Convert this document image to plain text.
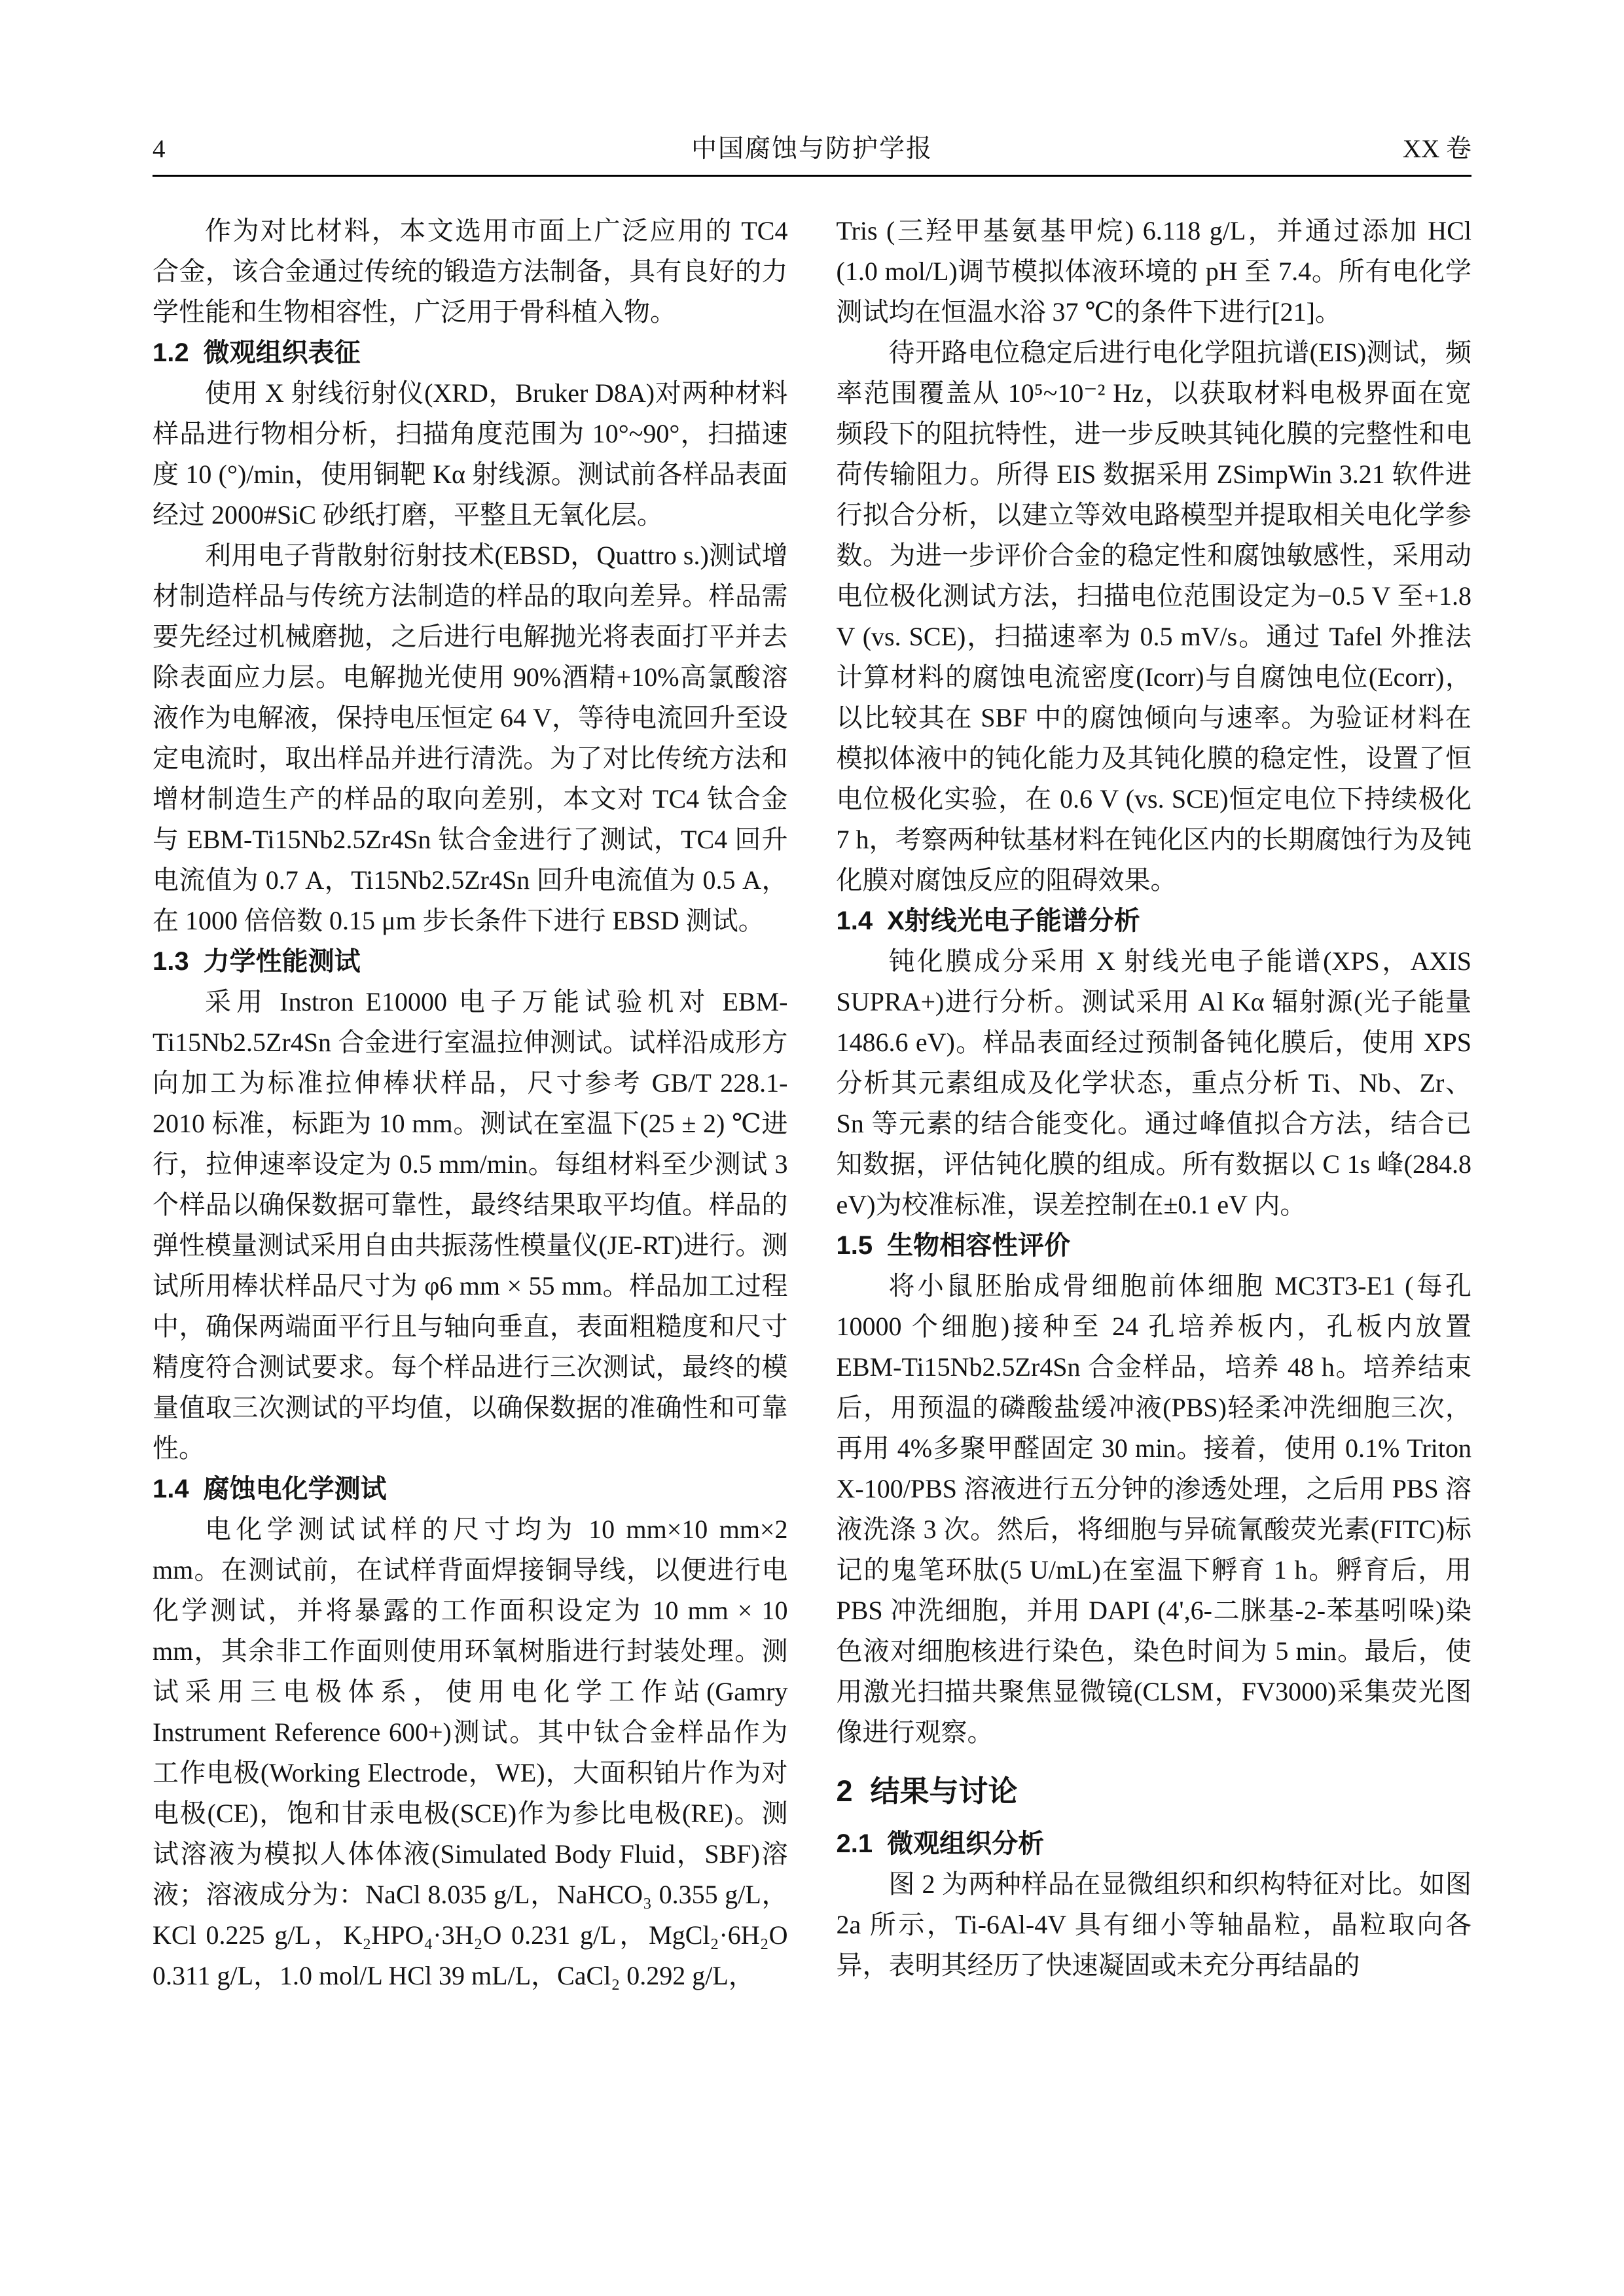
4	中国腐蚀与防护学报	XX 卷

作为对比材料，本文选用市面上广泛应用的 TC4 合金，该合金通过传统的锻造方法制备，具有良好的力学性能和生物相容性，广泛用于骨科植入物。

1.2 微观组织表征

使用 X 射线衍射仪(XRD，Bruker D8A)对两种材料样品进行物相分析，扫描角度范围为 10°~90°，扫描速度 10 (°)/min，使用铜靶 Kα 射线源。测试前各样品表面经过 2000#SiC 砂纸打磨，平整且无氧化层。

利用电子背散射衍射技术(EBSD，Quattro s.)测试增材制造样品与传统方法制造的样品的取向差异。样品需要先经过机械磨抛，之后进行电解抛光将表面打平并去除表面应力层。电解抛光使用 90%酒精+10%高氯酸溶液作为电解液，保持电压恒定 64 V，等待电流回升至设定电流时，取出样品并进行清洗。为了对比传统方法和增材制造生产的样品的取向差别，本文对 TC4 钛合金与 EBM-Ti15Nb2.5Zr4Sn 钛合金进行了测试，TC4 回升电流值为 0.7 A，Ti15Nb2.5Zr4Sn 回升电流值为 0.5 A，在 1000 倍倍数 0.15 μm 步长条件下进行 EBSD 测试。

1.3 力学性能测试

采用 Instron E10000 电子万能试验机对 EBM-Ti15Nb2.5Zr4Sn 合金进行室温拉伸测试。试样沿成形方向加工为标准拉伸棒状样品，尺寸参考 GB/T 228.1-2010 标准，标距为 10 mm。测试在室温下(25 ± 2) ℃进行，拉伸速率设定为 0.5 mm/min。每组材料至少测试 3 个样品以确保数据可靠性，最终结果取平均值。样品的弹性模量测试采用自由共振荡性模量仪(JE-RT)进行。测试所用棒状样品尺寸为 φ6 mm × 55 mm。样品加工过程中，确保两端面平行且与轴向垂直，表面粗糙度和尺寸精度符合测试要求。每个样品进行三次测试，最终的模量值取三次测试的平均值，以确保数据的准确性和可靠性。

1.4 腐蚀电化学测试

电化学测试试样的尺寸均为 10 mm×10 mm×2 mm。在测试前，在试样背面焊接铜导线，以便进行电化学测试，并将暴露的工作面积设定为 10 mm × 10 mm，其余非工作面则使用环氧树脂进行封装处理。测试采用三电极体系，使用电化学工作站(Gamry Instrument Reference 600+)测试。其中钛合金样品作为工作电极(Working Electrode，WE)，大面积铂片作为对电极(CE)，饱和甘汞电极(SCE)作为参比电极(RE)。测试溶液为模拟人体体液(Simulated Body Fluid，SBF)溶液；溶液成分为：NaCl 8.035 g/L，NaHCO₃ 0.355 g/L，KCl 0.225 g/L，K₂HPO₄·3H₂O 0.231 g/L，MgCl₂·6H₂O 0.311 g/L，1.0 mol/L HCl 39 mL/L，CaCl₂ 0.292 g/L，

Tris (三羟甲基氨基甲烷) 6.118 g/L，并通过添加 HCl (1.0 mol/L)调节模拟体液环境的 pH 至 7.4。所有电化学测试均在恒温水浴 37 ℃的条件下进行[21]。

待开路电位稳定后进行电化学阻抗谱(EIS)测试，频率范围覆盖从 10⁵~10⁻² Hz，以获取材料电极界面在宽频段下的阻抗特性，进一步反映其钝化膜的完整性和电荷传输阻力。所得 EIS 数据采用 ZSimpWin 3.21 软件进行拟合分析，以建立等效电路模型并提取相关电化学参数。为进一步评价合金的稳定性和腐蚀敏感性，采用动电位极化测试方法，扫描电位范围设定为−0.5 V 至+1.8 V (vs. SCE)，扫描速率为 0.5 mV/s。通过 Tafel 外推法计算材料的腐蚀电流密度(Icorr)与自腐蚀电位(Ecorr)，以比较其在 SBF 中的腐蚀倾向与速率。为验证材料在模拟体液中的钝化能力及其钝化膜的稳定性，设置了恒电位极化实验，在 0.6 V (vs. SCE)恒定电位下持续极化 7 h，考察两种钛基材料在钝化区内的长期腐蚀行为及钝化膜对腐蚀反应的阻碍效果。

1.4 X射线光电子能谱分析

钝化膜成分采用 X 射线光电子能谱(XPS，AXIS SUPRA+)进行分析。测试采用 Al Kα 辐射源(光子能量 1486.6 eV)。样品表面经过预制备钝化膜后，使用 XPS 分析其元素组成及化学状态，重点分析 Ti、Nb、Zr、Sn 等元素的结合能变化。通过峰值拟合方法，结合已知数据，评估钝化膜的组成。所有数据以 C 1s 峰(284.8 eV)为校准标准，误差控制在±0.1 eV 内。

1.5 生物相容性评价

将小鼠胚胎成骨细胞前体细胞 MC3T3-E1 (每孔 10000 个细胞)接种至 24 孔培养板内，孔板内放置 EBM-Ti15Nb2.5Zr4Sn 合金样品，培养 48 h。培养结束后，用预温的磷酸盐缓冲液(PBS)轻柔冲洗细胞三次，再用 4%多聚甲醛固定 30 min。接着，使用 0.1% Triton X-100/PBS 溶液进行五分钟的渗透处理，之后用 PBS 溶液洗涤 3 次。然后，将细胞与异硫氰酸荧光素(FITC)标记的鬼笔环肽(5 U/mL)在室温下孵育 1 h。孵育后，用 PBS 冲洗细胞，并用 DAPI (4',6-二脒基-2-苯基吲哚)染色液对细胞核进行染色，染色时间为 5 min。最后，使用激光扫描共聚焦显微镜(CLSM，FV3000)采集荧光图像进行观察。

2 结果与讨论
2.1 微观组织分析

图 2 为两种样品在显微组织和织构特征对比。如图 2a 所示，Ti-6Al-4V 具有细小等轴晶粒，晶粒取向各异，表明其经历了快速凝固或未充分再结晶的
